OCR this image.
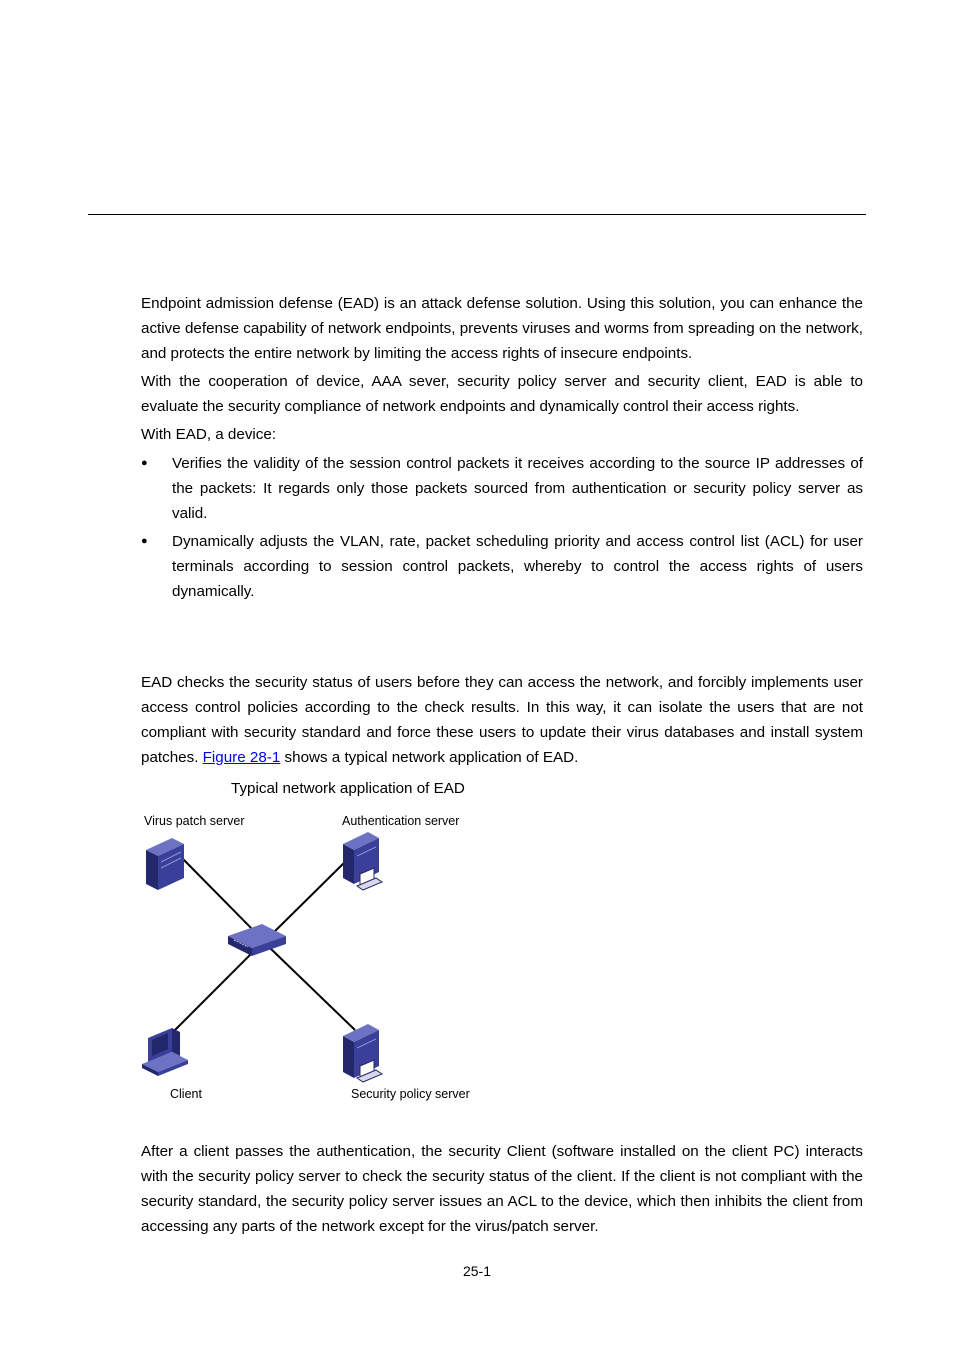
Endpoint admission defense (EAD) is an attack defense solution. Using this solution, you can enhance the active defense capability of network endpoints, prevents viruses and worms from spreading on the network, and protects the entire network by limiting the access rights of insecure endpoints.

With the cooperation of device, AAA sever, security policy server and security client, EAD is able to evaluate the security compliance of network endpoints and dynamically control their access rights.

With EAD, a device:

● Verifies the validity of the session control packets it receives according to the source IP addresses of the packets: It regards only those packets sourced from authentication or security policy server as valid.

● Dynamically adjusts the VLAN, rate, packet scheduling priority and access control list (ACL) for user terminals according to session control packets, whereby to control the access rights of users dynamically.

EAD checks the security status of users before they can access the network, and forcibly implements user access control policies according to the check results. In this way, it can isolate the users that are not compliant with security standard and force these users to update their virus databases and install system patches. Figure 28-1 shows a typical network application of EAD.

Typical network application of EAD
Virus patch server	Authentication server
Client	Security policy server

After a client passes the authentication, the security Client (software installed on the client PC) interacts with the security policy server to check the security status of the client. If the client is not compliant with the security standard, the security policy server issues an ACL to the device, which then inhibits the client from accessing any parts of the network except for the virus/patch server.

25-1
